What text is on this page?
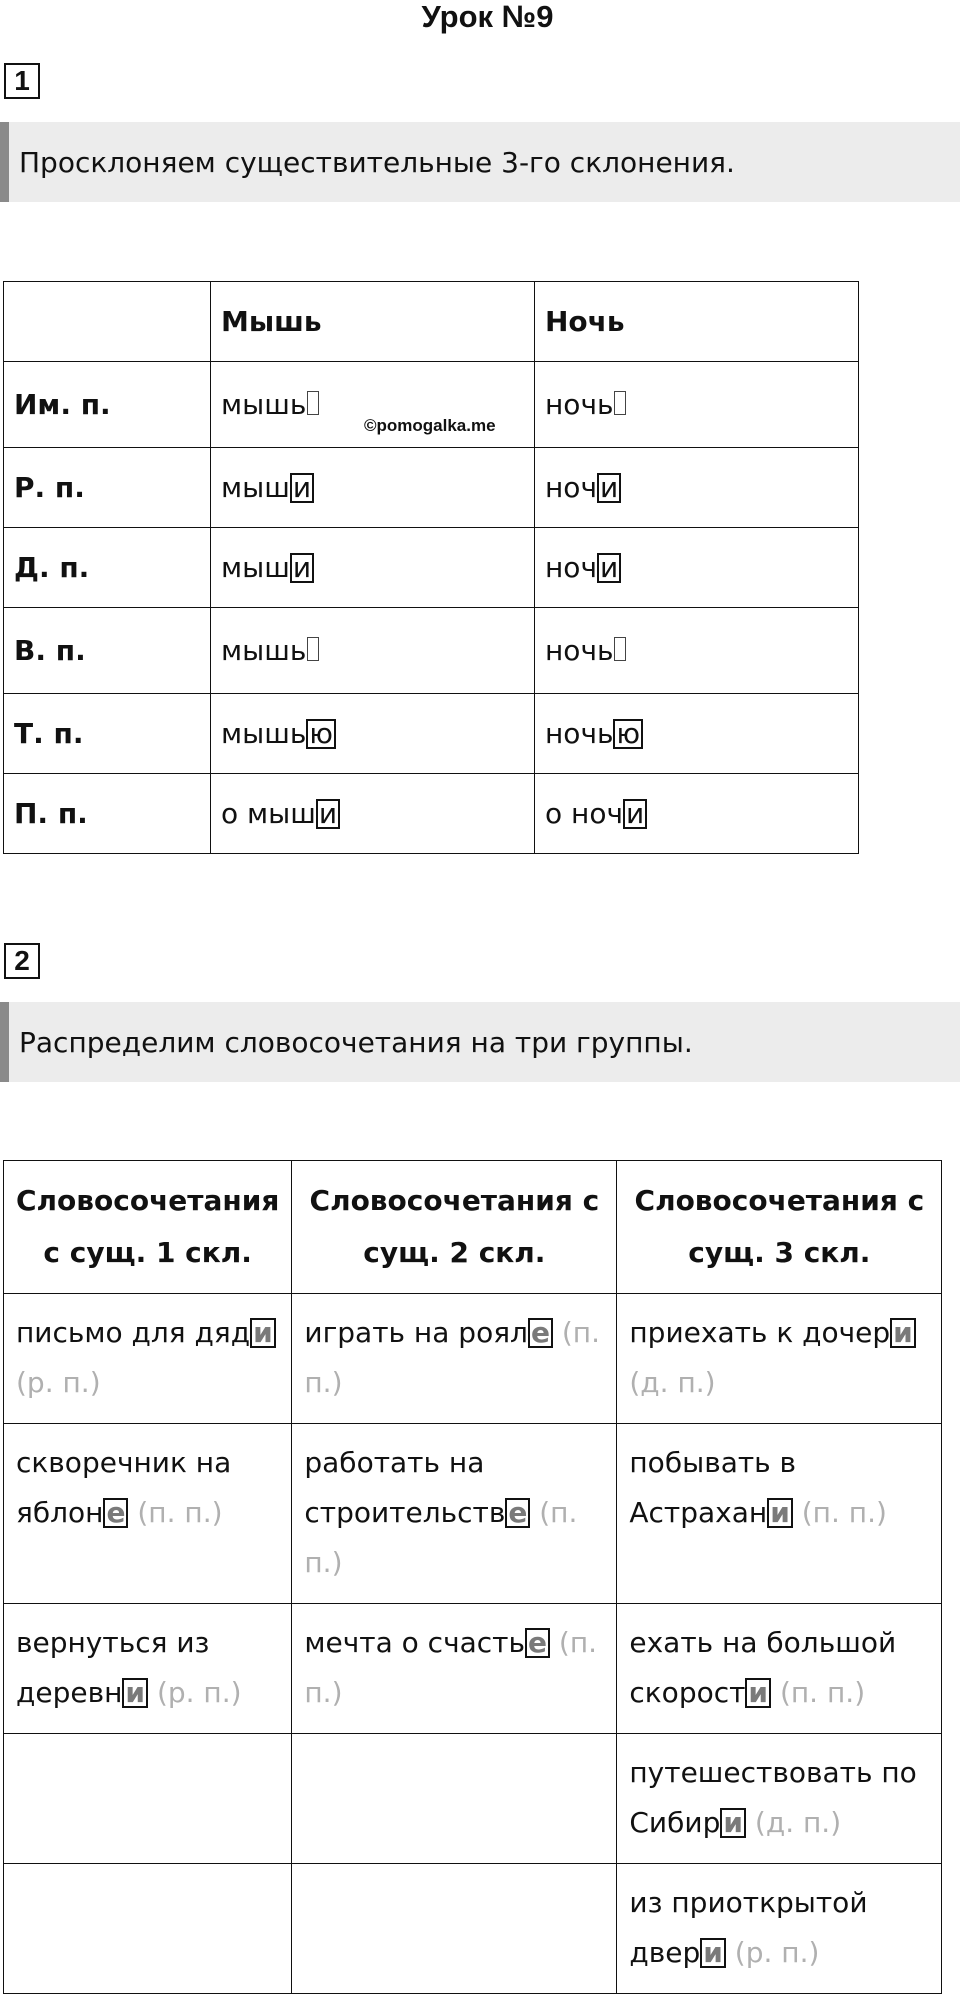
Урок №9
1
Просклоняем существительные 3-го склонения.
	Мышь	Ночь
Им. п.	мышь	ночь
Р. п.	мыш и	ноч и
Д. п.	мыш и	ноч и
В. п.	мышь	ночь
Т. п.	мышь ю	ночь ю
П. п.	о мыш и	о ноч и
©pomogalka.me
2
Распределим словосочетания на три группы.
Словосочетания с сущ. 1 скл.	Словосочетания с сущ. 2 скл.	Словосочетания с сущ. 3 скл.
письмо для дяд и (р. п.)	играть на роял е (п. п.)	приехать к дочер и (д. п.)
скворечник на яблон е (п. п.)	работать на строительств е (п. п.)	побывать в Астрахан и (п. п.)
вернуться из деревн и (р. п.)	мечта о счасть е (п. п.)	ехать на большой скорост и (п. п.)
		путешествовать по Сибир и (д. п.)
		из приоткрытой двер и (р. п.)
